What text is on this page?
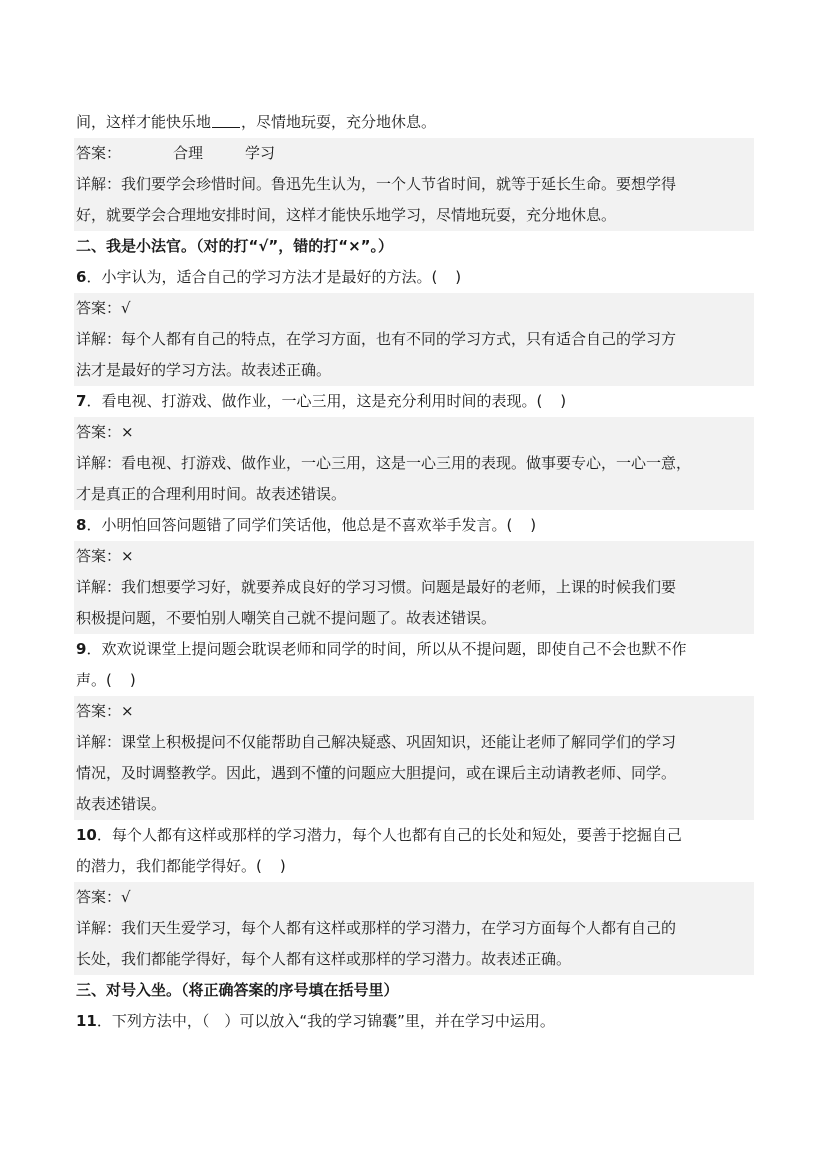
间，这样才能快乐地 ，尽情地玩耍，充分地休息。
答案：	合理	学习
详解：我们要学会珍惜时间。鲁迅先生认为，一个人节省时间，就等于延长生命。要想学得
好，就要学会合理地安排时间，这样才能快乐地学习，尽情地玩耍，充分地休息。
二、我是小法官。（对的打“√”，错的打“×”。）
6．小宇认为，适合自己的学习方法才是最好的方法。( )
答案：√
详解：每个人都有自己的特点，在学习方面，也有不同的学习方式，只有适合自己的学习方
法才是最好的学习方法。故表述正确。
7．看电视、打游戏、做作业，一心三用，这是充分利用时间的表现。( )
答案：×
详解：看电视、打游戏、做作业，一心三用，这是一心三用的表现。做事要专心，一心一意，
才是真正的合理利用时间。故表述错误。
8．小明怕回答问题错了同学们笑话他，他总是不喜欢举手发言。( )
答案：×
详解：我们想要学习好，就要养成良好的学习习惯。问题是最好的老师，上课的时候我们要
积极提问题，不要怕别人嘲笑自己就不提问题了。故表述错误。
9．欢欢说课堂上提问题会耽误老师和同学的时间，所以从不提问题，即使自己不会也默不作
声。( )
答案：×
详解：课堂上积极提问不仅能帮助自己解决疑惑、巩固知识，还能让老师了解同学们的学习
情况，及时调整教学。因此，遇到不懂的问题应大胆提问，或在课后主动请教老师、同学。
故表述错误。
10．每个人都有这样或那样的学习潜力，每个人也都有自己的长处和短处，要善于挖掘自己
的潜力，我们都能学得好。( )
答案：√
详解：我们天生爱学习，每个人都有这样或那样的学习潜力，在学习方面每个人都有自己的
长处，我们都能学得好，每个人都有这样或那样的学习潜力。故表述正确。
三、对号入坐。（将正确答案的序号填在括号里）
11．下列方法中，（　）可以放入“我的学习锦囊”里，并在学习中运用。
